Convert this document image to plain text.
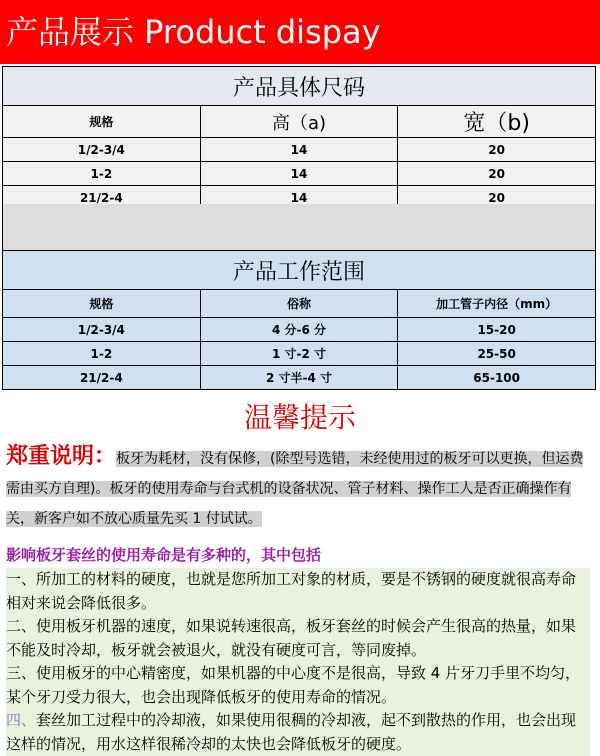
产品展示 Product dispay
产品具体尺码		
规格	高（a)	宽（b)
1/2-3/4	14	20
1-2	14	20
21/2-4	14	20
产品工作范围		
规格	俗称	加工管子内径（mm）
1/2-3/4	4 分-6 分	15-20
1-2	1 寸-2 寸	25-50
21/2-4	2 寸半-4 寸	65-100
温馨提示
郑重说明：板牙为耗材，没有保修，(除型号选错，未经使用过的板牙可以更换，但运费需由买方自理)。板牙的使用寿命与台式机的设备状况、管子材料、操作工人是否正确操作有关，新客户如不放心质量先买 1 付试试。
影响板牙套丝的使用寿命是有多种的，其中包括

一、所加工的材料的硬度，也就是您所加工对象的材质，要是不锈钢的硬度就很高寿命相对来说会降低很多。

二、使用板牙机器的速度，如果说转速很高，板牙套丝的时候会产生很高的热量，如果不能及时冷却，板牙就会被退火，就没有硬度可言，等同废掉。

三、使用板牙的中心精密度，如果机器的中心度不是很高，导致 4 片牙刀手里不均匀，某个牙刀受力很大，也会出现降低板牙的使用寿命的情况。

四、套丝加工过程中的冷却液，如果使用很稠的冷却液，起不到散热的作用，也会出现这样的情况，用水这样很稀冷却的太快也会降低板牙的硬度。
